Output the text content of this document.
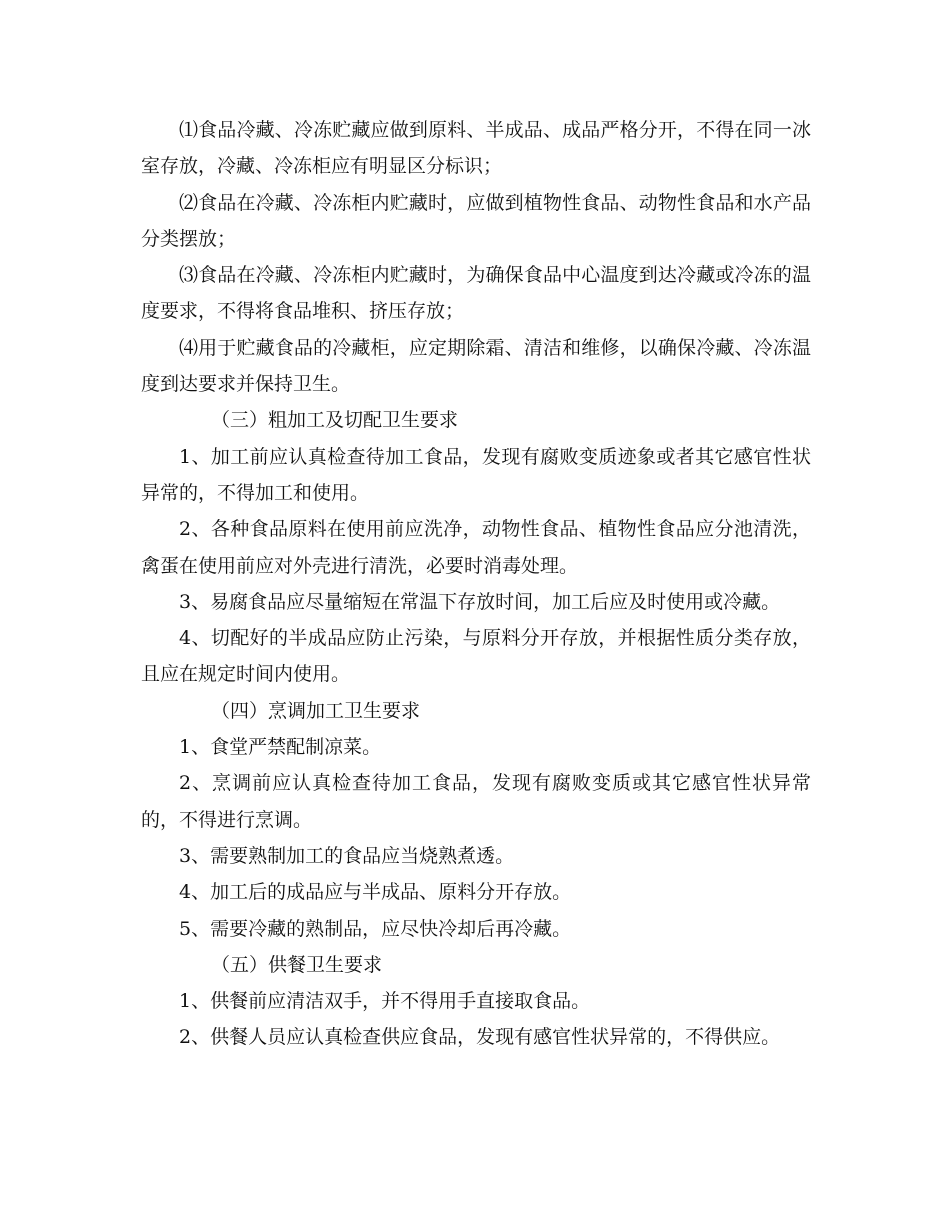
⑴食品冷藏、冷冻贮藏应做到原料、半成品、成品严格分开，不得在同一冰室存放，冷藏、冷冻柜应有明显区分标识；

⑵食品在冷藏、冷冻柜内贮藏时，应做到植物性食品、动物性食品和水产品分类摆放；

⑶食品在冷藏、冷冻柜内贮藏时，为确保食品中心温度到达冷藏或冷冻的温度要求，不得将食品堆积、挤压存放；

⑷用于贮藏食品的冷藏柜，应定期除霜、清洁和维修，以确保冷藏、冷冻温度到达要求并保持卫生。

（三）粗加工及切配卫生要求

1、加工前应认真检查待加工食品，发现有腐败变质迹象或者其它感官性状异常的，不得加工和使用。

2、各种食品原料在使用前应洗净，动物性食品、植物性食品应分池清洗，禽蛋在使用前应对外壳进行清洗，必要时消毒处理。

3、易腐食品应尽量缩短在常温下存放时间，加工后应及时使用或冷藏。

4、切配好的半成品应防止污染，与原料分开存放，并根据性质分类存放，且应在规定时间内使用。

（四）烹调加工卫生要求

1、食堂严禁配制凉菜。

2、烹调前应认真检查待加工食品，发现有腐败变质或其它感官性状异常的，不得进行烹调。

3、需要熟制加工的食品应当烧熟煮透。

4、加工后的成品应与半成品、原料分开存放。

5、需要冷藏的熟制品，应尽快冷却后再冷藏。

（五）供餐卫生要求

1、供餐前应清洁双手，并不得用手直接取食品。

2、供餐人员应认真检查供应食品，发现有感官性状异常的，不得供应。
